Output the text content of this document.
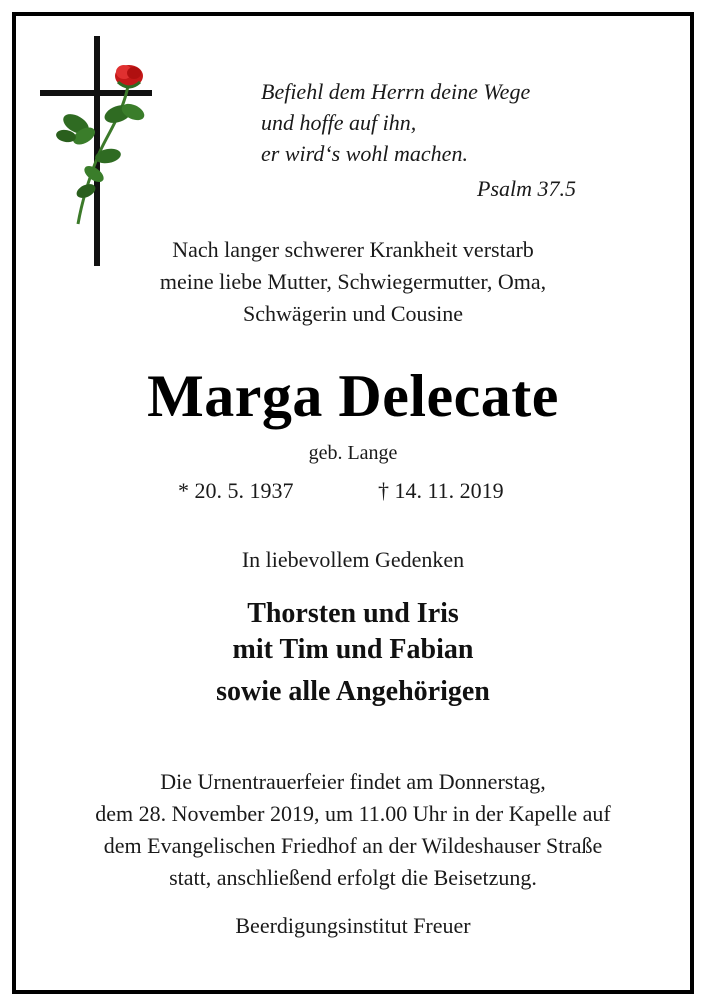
Befiehl dem Herrn deine Wege
und hoffe auf ihn,
er wird‘s wohl machen.
Psalm 37.5
Nach langer schwerer Krankheit verstarb
meine liebe Mutter, Schwiegermutter, Oma,
Schwägerin und Cousine
Marga Delecate
geb. Lange
* 20. 5. 1937	† 14. 11. 2019
In liebevollem Gedenken
Thorsten und Iris
mit Tim und Fabian
sowie alle Angehörigen
Die Urnentrauerfeier findet am Donnerstag,
dem 28. November 2019, um 11.00 Uhr in der Kapelle auf
dem Evangelischen Friedhof an der Wildeshauser Straße
statt, anschließend erfolgt die Beisetzung.
Beerdigungsinstitut Freuer
